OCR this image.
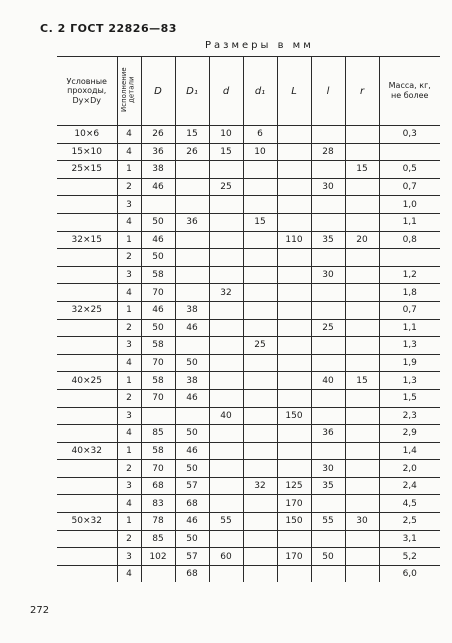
С. 2 ГОСТ 22826—83
Размеры в мм
Условные
проходы,
Dy×Dy	Исполнение детали	D	D₁	d	d₁	L	l	r	Масса, кг,
не более
10×6	4	26	15	10	6				0,3
15×10	4	36	26	15	10		28		
25×15	1	38						15	0,5
	2	46		25			30		0,7
	3								1,0
	4	50	36		15				1,1
32×15	1	46				110	35	20	0,8
	2	50							
	3	58					30		1,2
	4	70		32					1,8
32×25	1	46	38						0,7
	2	50	46				25		1,1
	3	58			25				1,3
	4	70	50						1,9
40×25	1	58	38				40	15	1,3
	2	70	46						1,5
	3			40		150			2,3
	4	85	50				36		2,9
40×32	1	58	46						1,4
	2	70	50				30		2,0
	3	68	57		32	125	35		2,4
	4	83	68			170			4,5
50×32	1	78	46	55		150	55	30	2,5
	2	85	50						3,1
	3	102	57	60		170	50		5,2
	4		68						6,0
272
